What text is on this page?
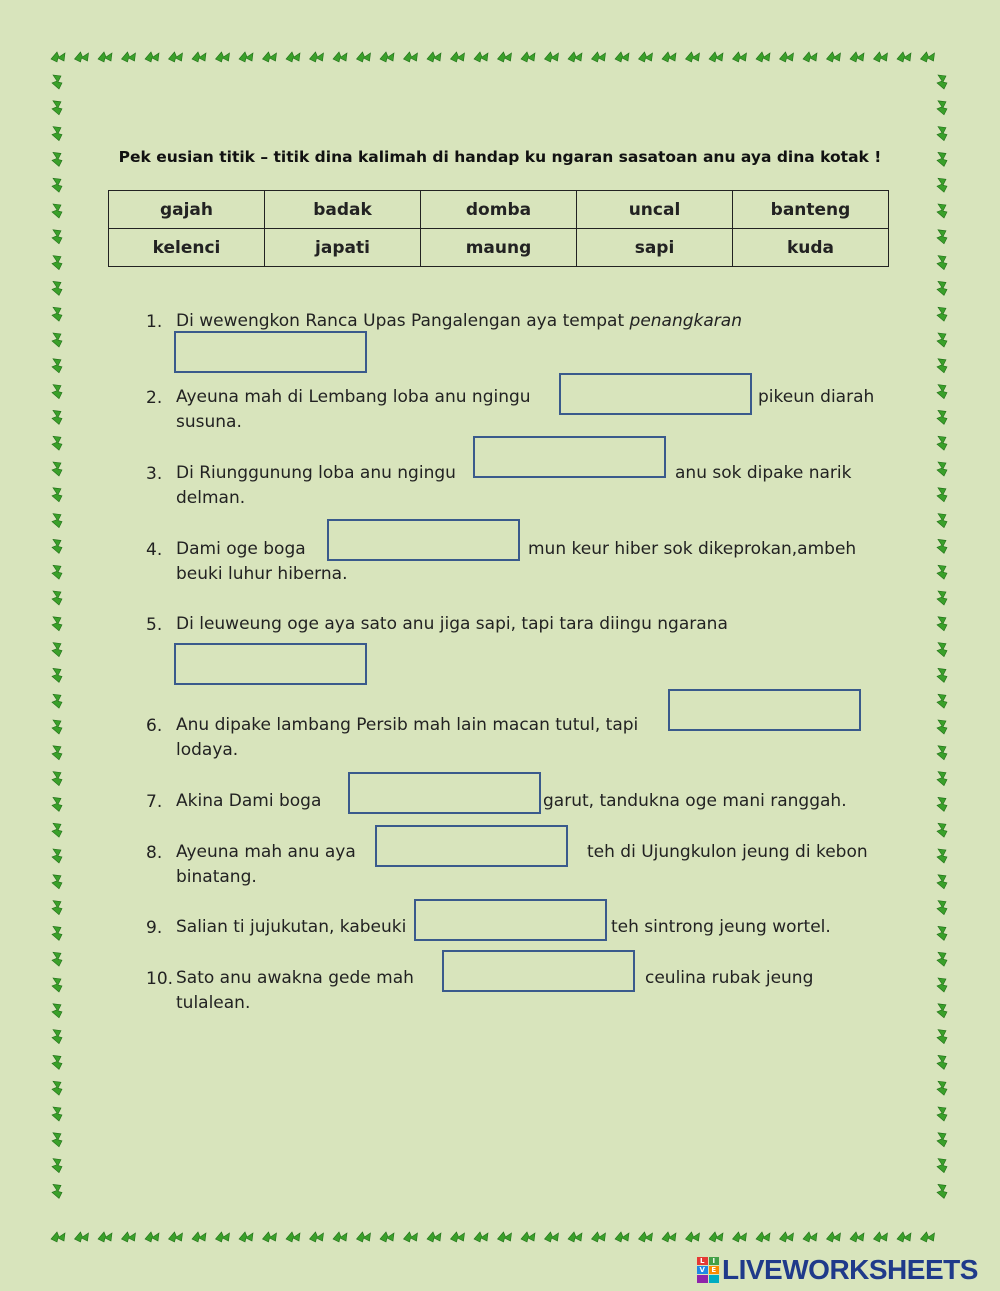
Pek eusian titik – titik dina kalimah di handap ku ngaran sasatoan anu aya dina kotak !
gajah	badak	domba	uncal	banteng
kelenci	japati	maung	sapi	kuda
1. Di wewengkon Ranca Upas Pangalengan aya tempat penangkaran
2. Ayeuna mah di Lembang loba anu ngingu	pikeun diarah
susuna.
3. Di Riunggunung loba anu ngingu	anu sok dipake narik
delman.
4. Dami oge boga	mun keur hiber sok dikeprokan,ambeh
beuki luhur hiberna.
5. Di leuweung oge aya sato anu jiga sapi, tapi tara diingu ngarana
6. Anu dipake lambang Persib mah lain macan tutul, tapi
lodaya.
7. Akina Dami boga	garut, tandukna oge mani ranggah.
8. Ayeuna mah anu aya	teh di Ujungkulon jeung di kebon
binatang.
9. Salian ti jujukutan, kabeuki	teh sintrong jeung wortel.
10. Sato anu awakna gede mah	ceulina rubak jeung
tulalean.
L	I
V E LIVEWORKSHEETS
